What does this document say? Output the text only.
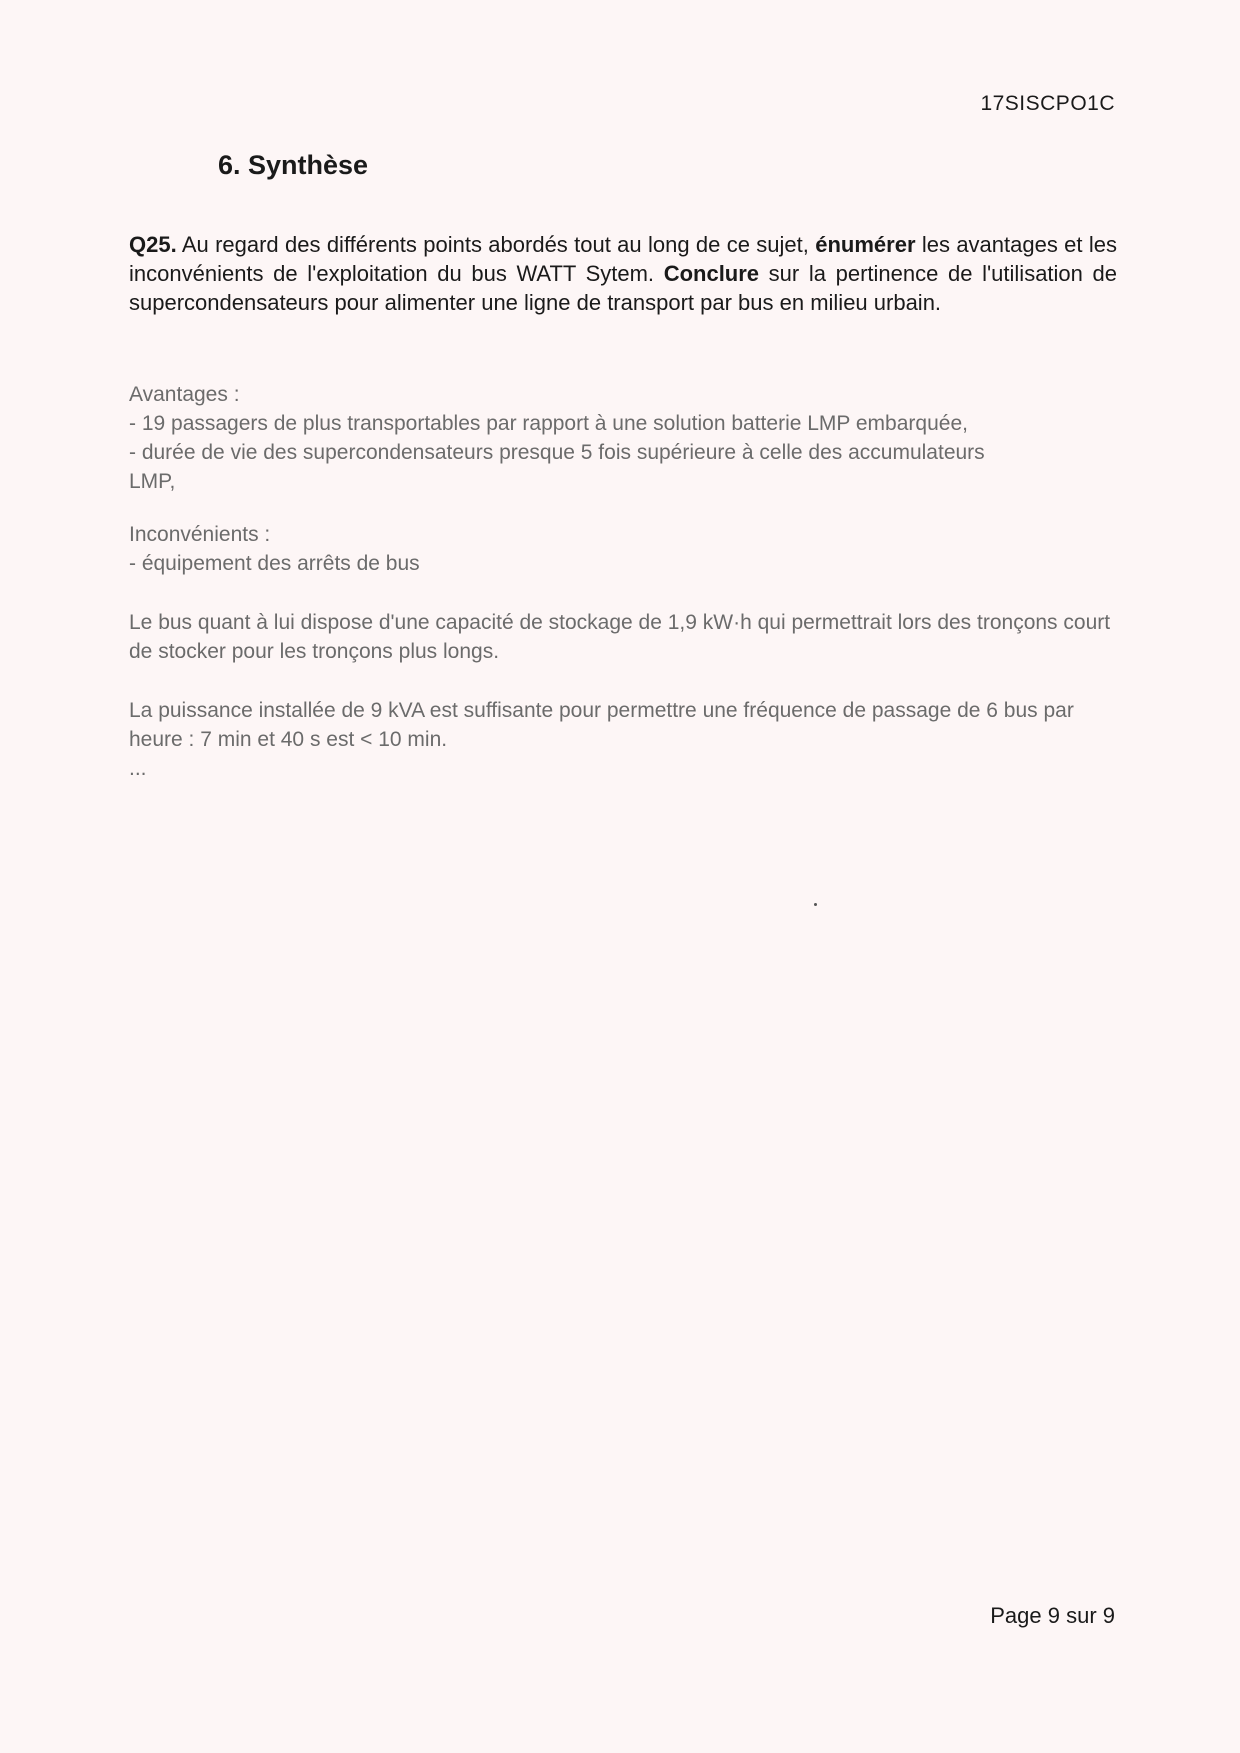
17SISCPO1C
6. Synthèse

Q25. Au regard des différents points abordés tout au long de ce sujet, énumérer les avantages et les inconvénients de l'exploitation du bus WATT Sytem. Conclure sur la pertinence de l'utilisation de supercondensateurs pour alimenter une ligne de transport par bus en milieu urbain.

Avantages :

- 19 passagers de plus transportables par rapport à une solution batterie LMP embarquée,

- durée de vie des supercondensateurs presque 5 fois supérieure à celle des accumulateurs LMP,

Inconvénients :

- équipement des arrêts de bus

Le bus quant à lui dispose d'une capacité de stockage de 1,9 kW·h qui permettrait lors des tronçons court de stocker pour les tronçons plus longs.

La puissance installée de 9 kVA est suffisante pour permettre une fréquence de passage de 6 bus par heure : 7 min et 40 s est < 10 min.

...

Page 9 sur 9
